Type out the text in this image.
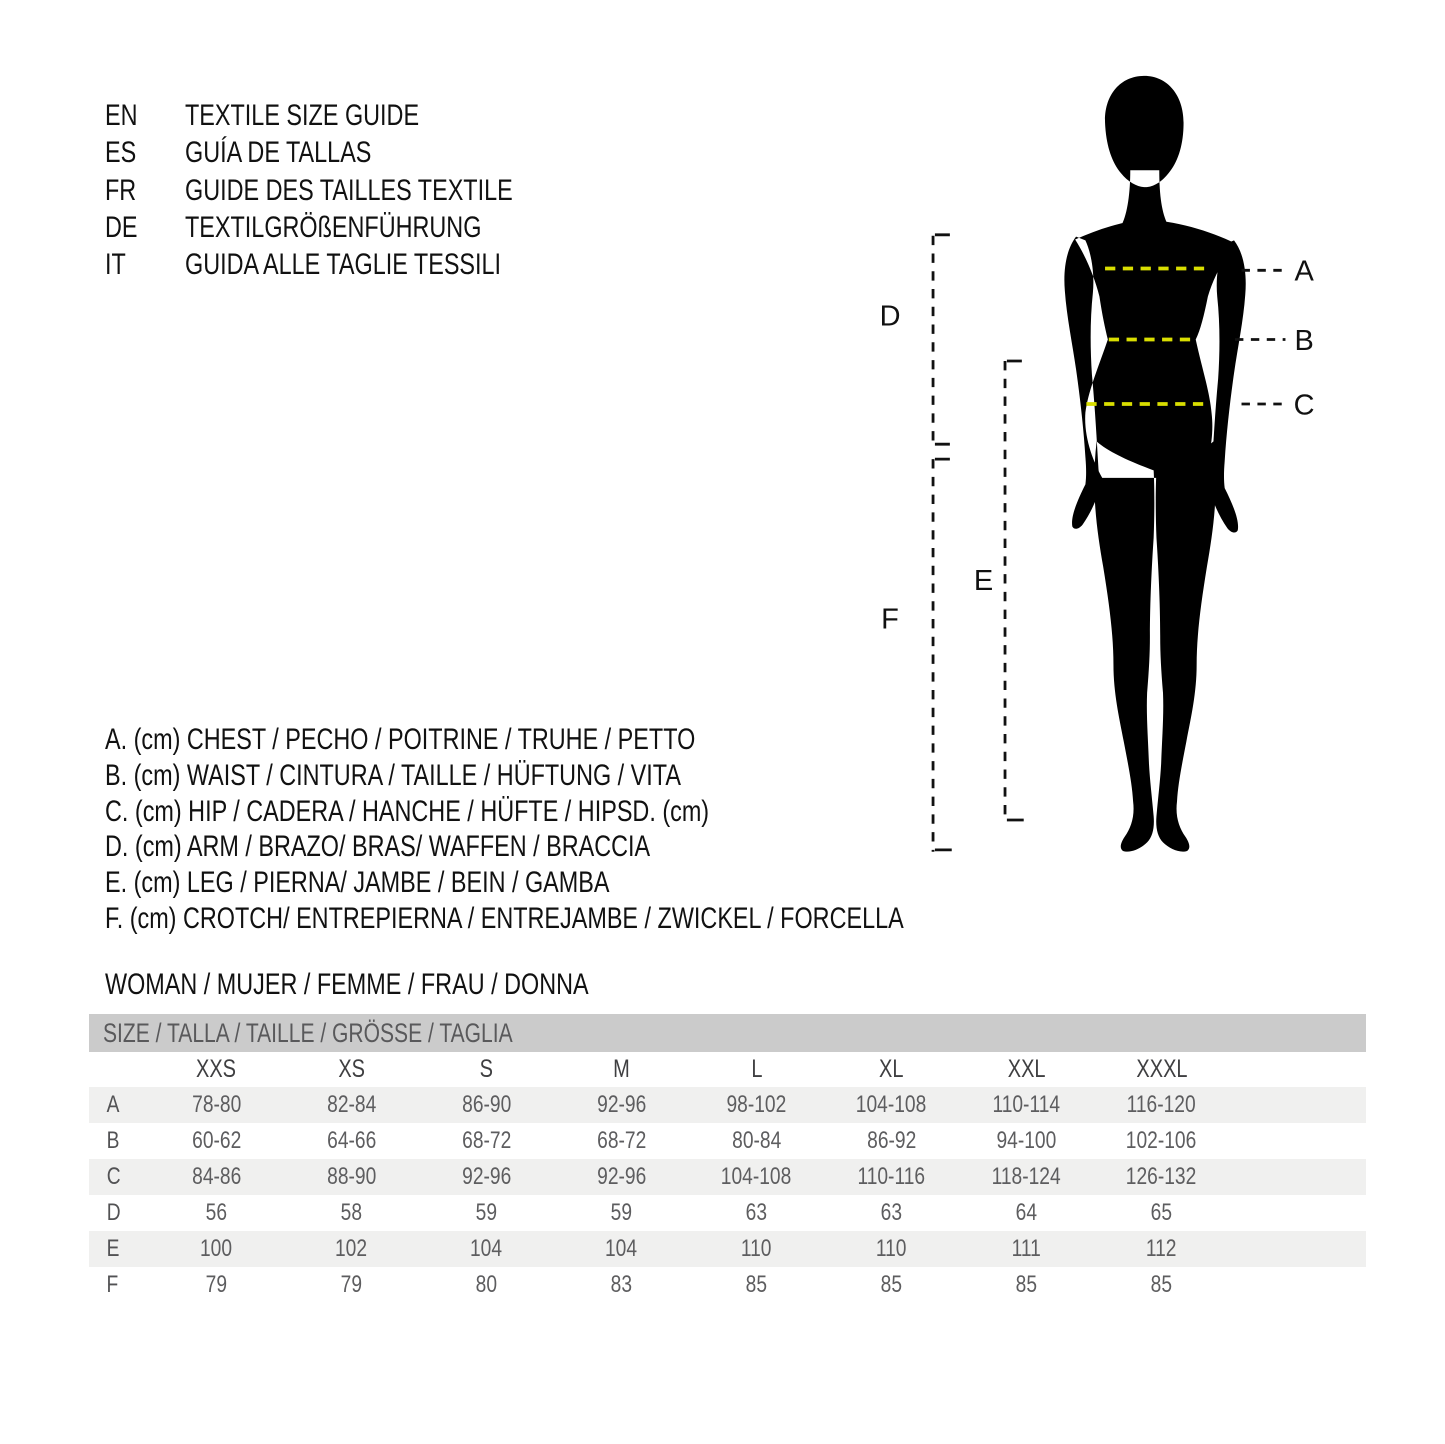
EN TEXTILE SIZE GUIDE
ES GUÍA DE TALLAS
FR GUIDE DES TAILLES TEXTILE
DE TEXTILGRÖßENFÜHRUNG
IT GUIDA ALLE TAGLIE TESSILI	A
B
C
D
E
F
A. (cm) CHEST / PECHO / POITRINE / TRUHE / PETTO
B. (cm) WAIST / CINTURA / TAILLE / HÜFTUNG / VITA
C. (cm) HIP / CADERA / HANCHE / HÜFTE / HIPSD. (cm)
D. (cm) ARM / BRAZO/ BRAS/ WAFFEN / BRACCIA
E. (cm) LEG / PIERNA/ JAMBE / BEIN / GAMBA
F. (cm) CROTCH/ ENTREPIERNA / ENTREJAMBE / ZWICKEL / FORCELLA
WOMAN / MUJER / FEMME / FRAU / DONNA
SIZE / TALLA / TAILLE / GRÖSSE / TAGLIA
	XXS	XS	S	M	L	XL	XXL	XXXL	
A	78-80	82-84	86-90	92-96	98-102	104-108	110-114	116-120	
B	60-62	64-66	68-72	68-72	80-84	86-92	94-100	102-106	
C	84-86	88-90	92-96	92-96	104-108	110-116	118-124	126-132	
D	56	58	59	59	63	63	64	65	
E	100	102	104	104	110	110	111	112	
F	79	79	80	83	85	85	85	85	
